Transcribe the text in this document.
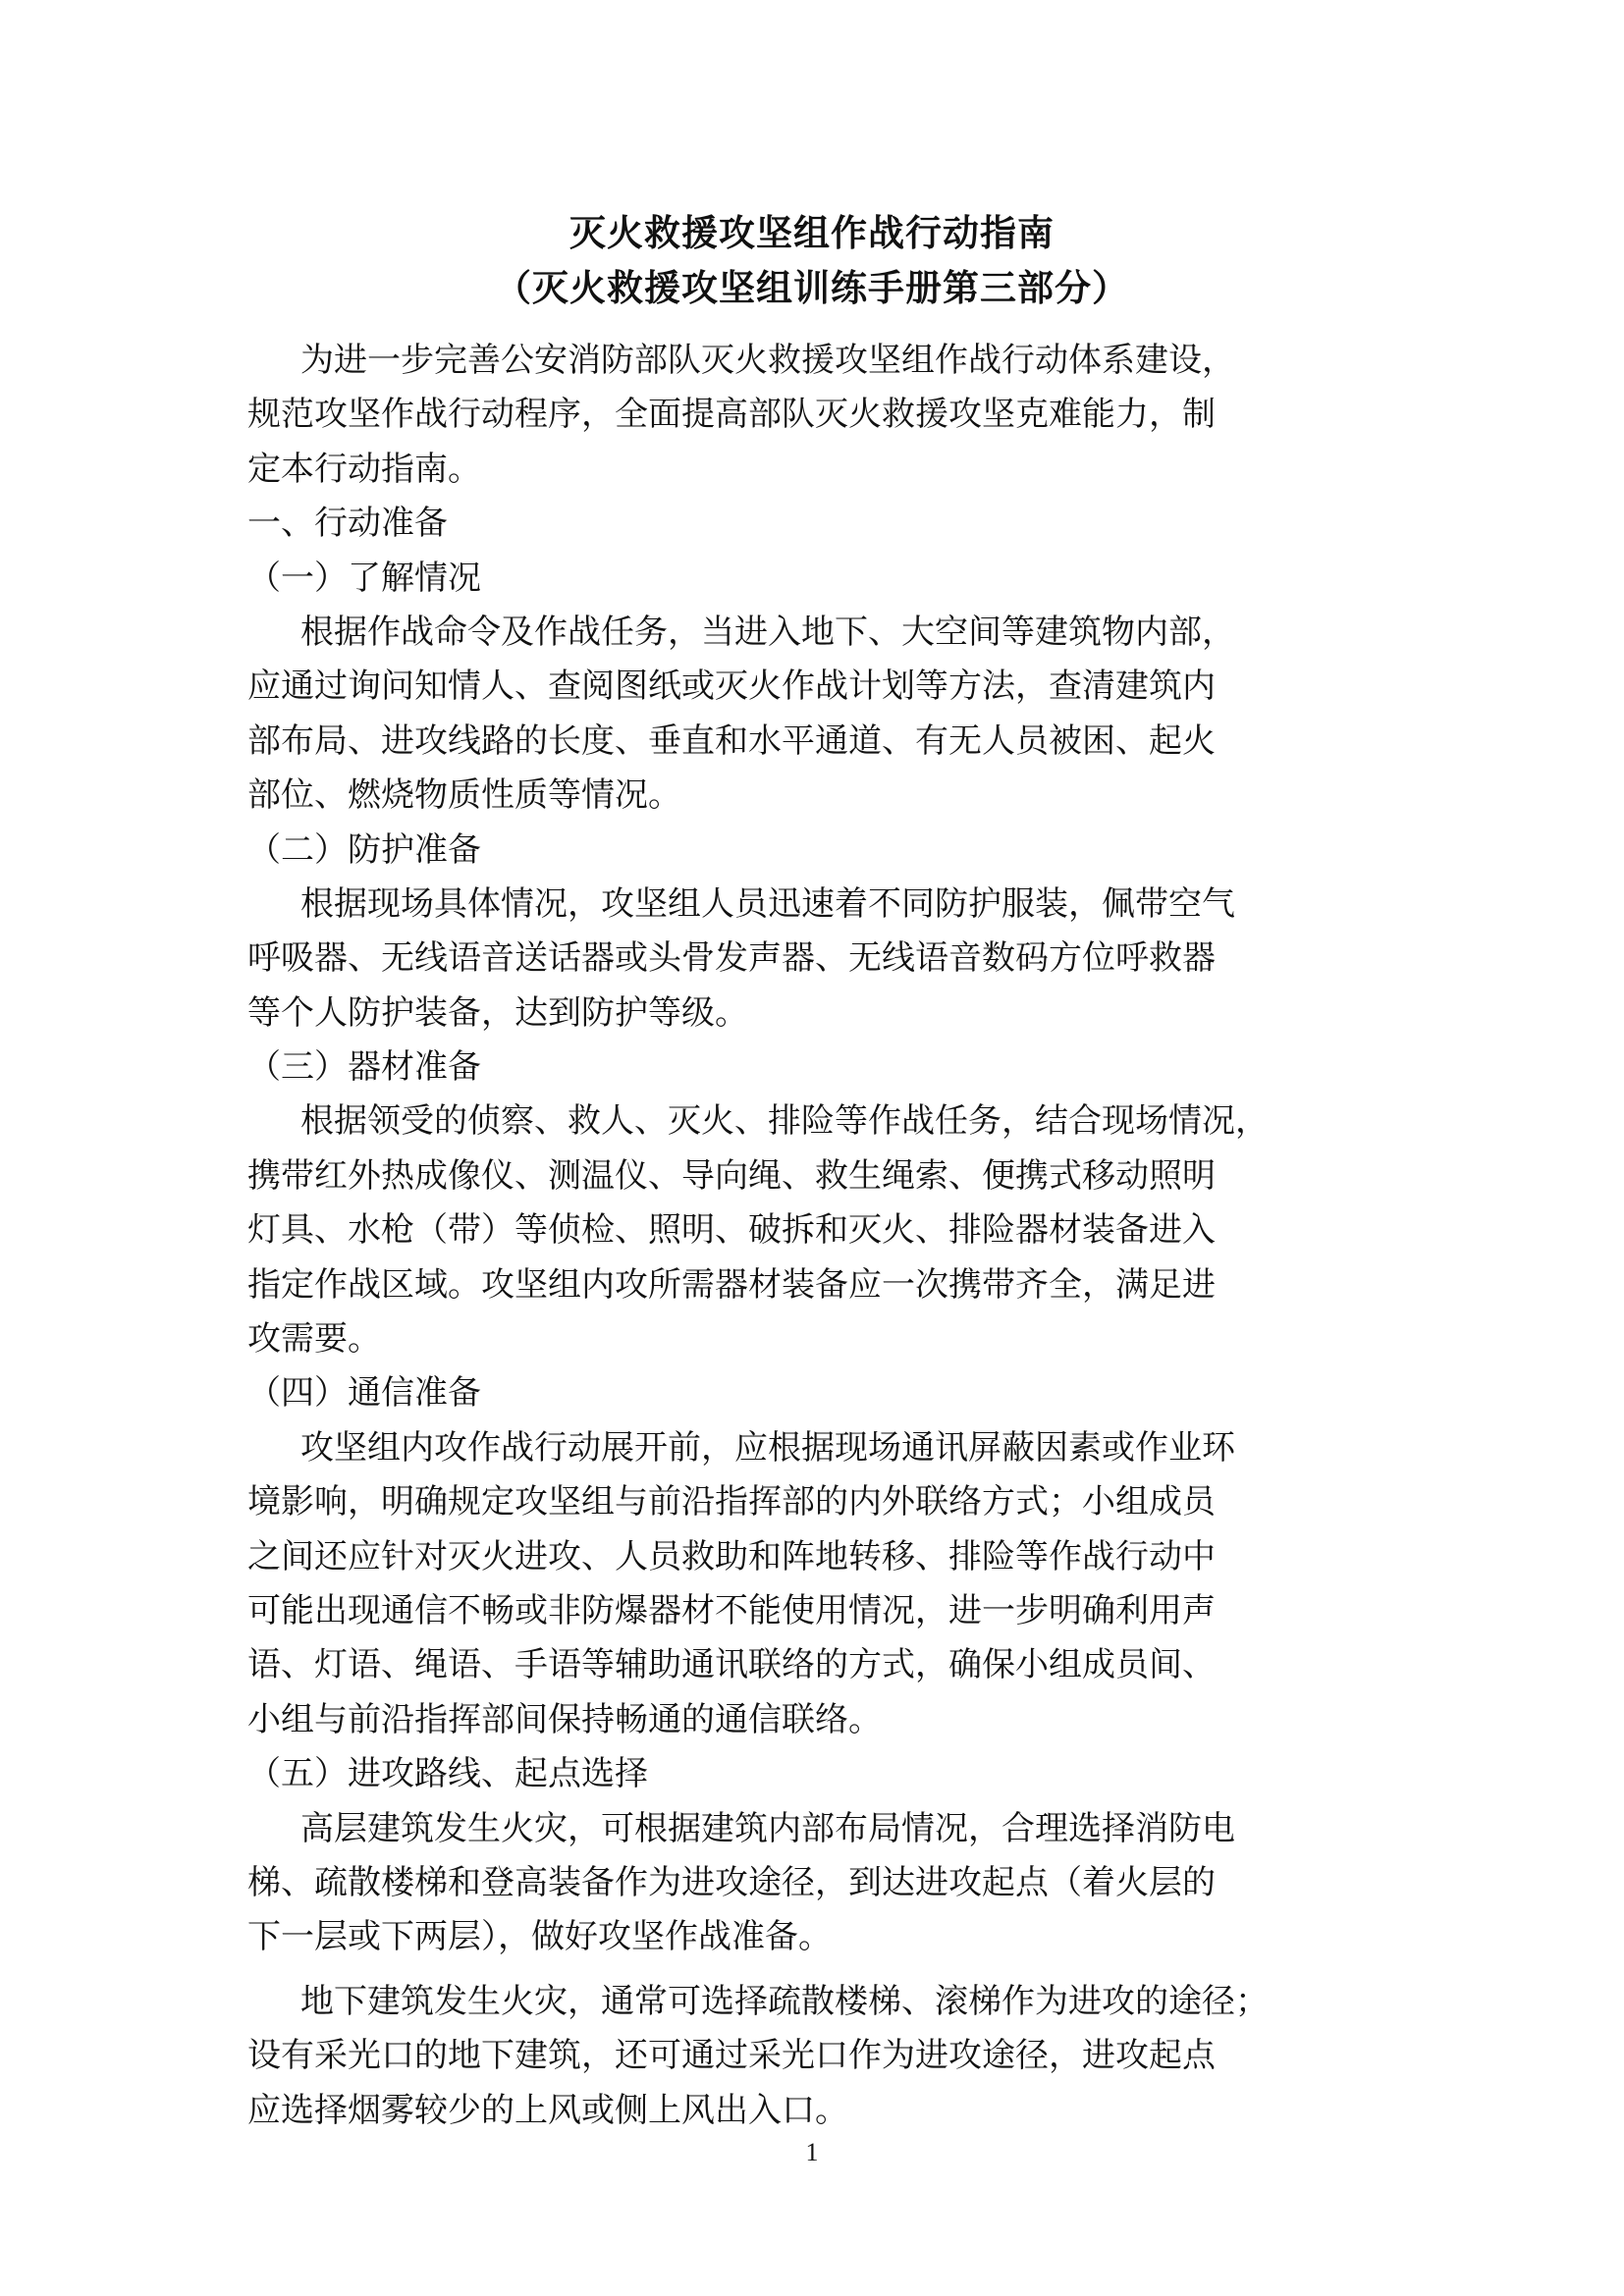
灭火救援攻坚组作战行动指南
（灭火救援攻坚组训练手册第三部分）
为进一步完善公安消防部队灭火救援攻坚组作战行动体系建设，
规范攻坚作战行动程序，全面提高部队灭火救援攻坚克难能力，制
定本行动指南。
一、行动准备
（一）了解情况
根据作战命令及作战任务，当进入地下、大空间等建筑物内部，
应通过询问知情人、查阅图纸或灭火作战计划等方法，查清建筑内
部布局、进攻线路的长度、垂直和水平通道、有无人员被困、起火
部位、燃烧物质性质等情况。
（二）防护准备
根据现场具体情况，攻坚组人员迅速着不同防护服装，佩带空气
呼吸器、无线语音送话器或头骨发声器、无线语音数码方位呼救器
等个人防护装备，达到防护等级。
（三）器材准备
根据领受的侦察、救人、灭火、排险等作战任务，结合现场情况，
携带红外热成像仪、测温仪、导向绳、救生绳索、便携式移动照明
灯具、水枪（带）等侦检、照明、破拆和灭火、排险器材装备进入
指定作战区域。攻坚组内攻所需器材装备应一次携带齐全，满足进
攻需要。
（四）通信准备
攻坚组内攻作战行动展开前，应根据现场通讯屏蔽因素或作业环
境影响，明确规定攻坚组与前沿指挥部的内外联络方式；小组成员
之间还应针对灭火进攻、人员救助和阵地转移、排险等作战行动中
可能出现通信不畅或非防爆器材不能使用情况，进一步明确利用声
语、灯语、绳语、手语等辅助通讯联络的方式，确保小组成员间、
小组与前沿指挥部间保持畅通的通信联络。
（五）进攻路线、起点选择
高层建筑发生火灾，可根据建筑内部布局情况，合理选择消防电
梯、疏散楼梯和登高装备作为进攻途径，到达进攻起点（着火层的
下一层或下两层），做好攻坚作战准备。
地下建筑发生火灾，通常可选择疏散楼梯、滚梯作为进攻的途径；
设有采光口的地下建筑，还可通过采光口作为进攻途径，进攻起点
应选择烟雾较少的上风或侧上风出入口。
1
